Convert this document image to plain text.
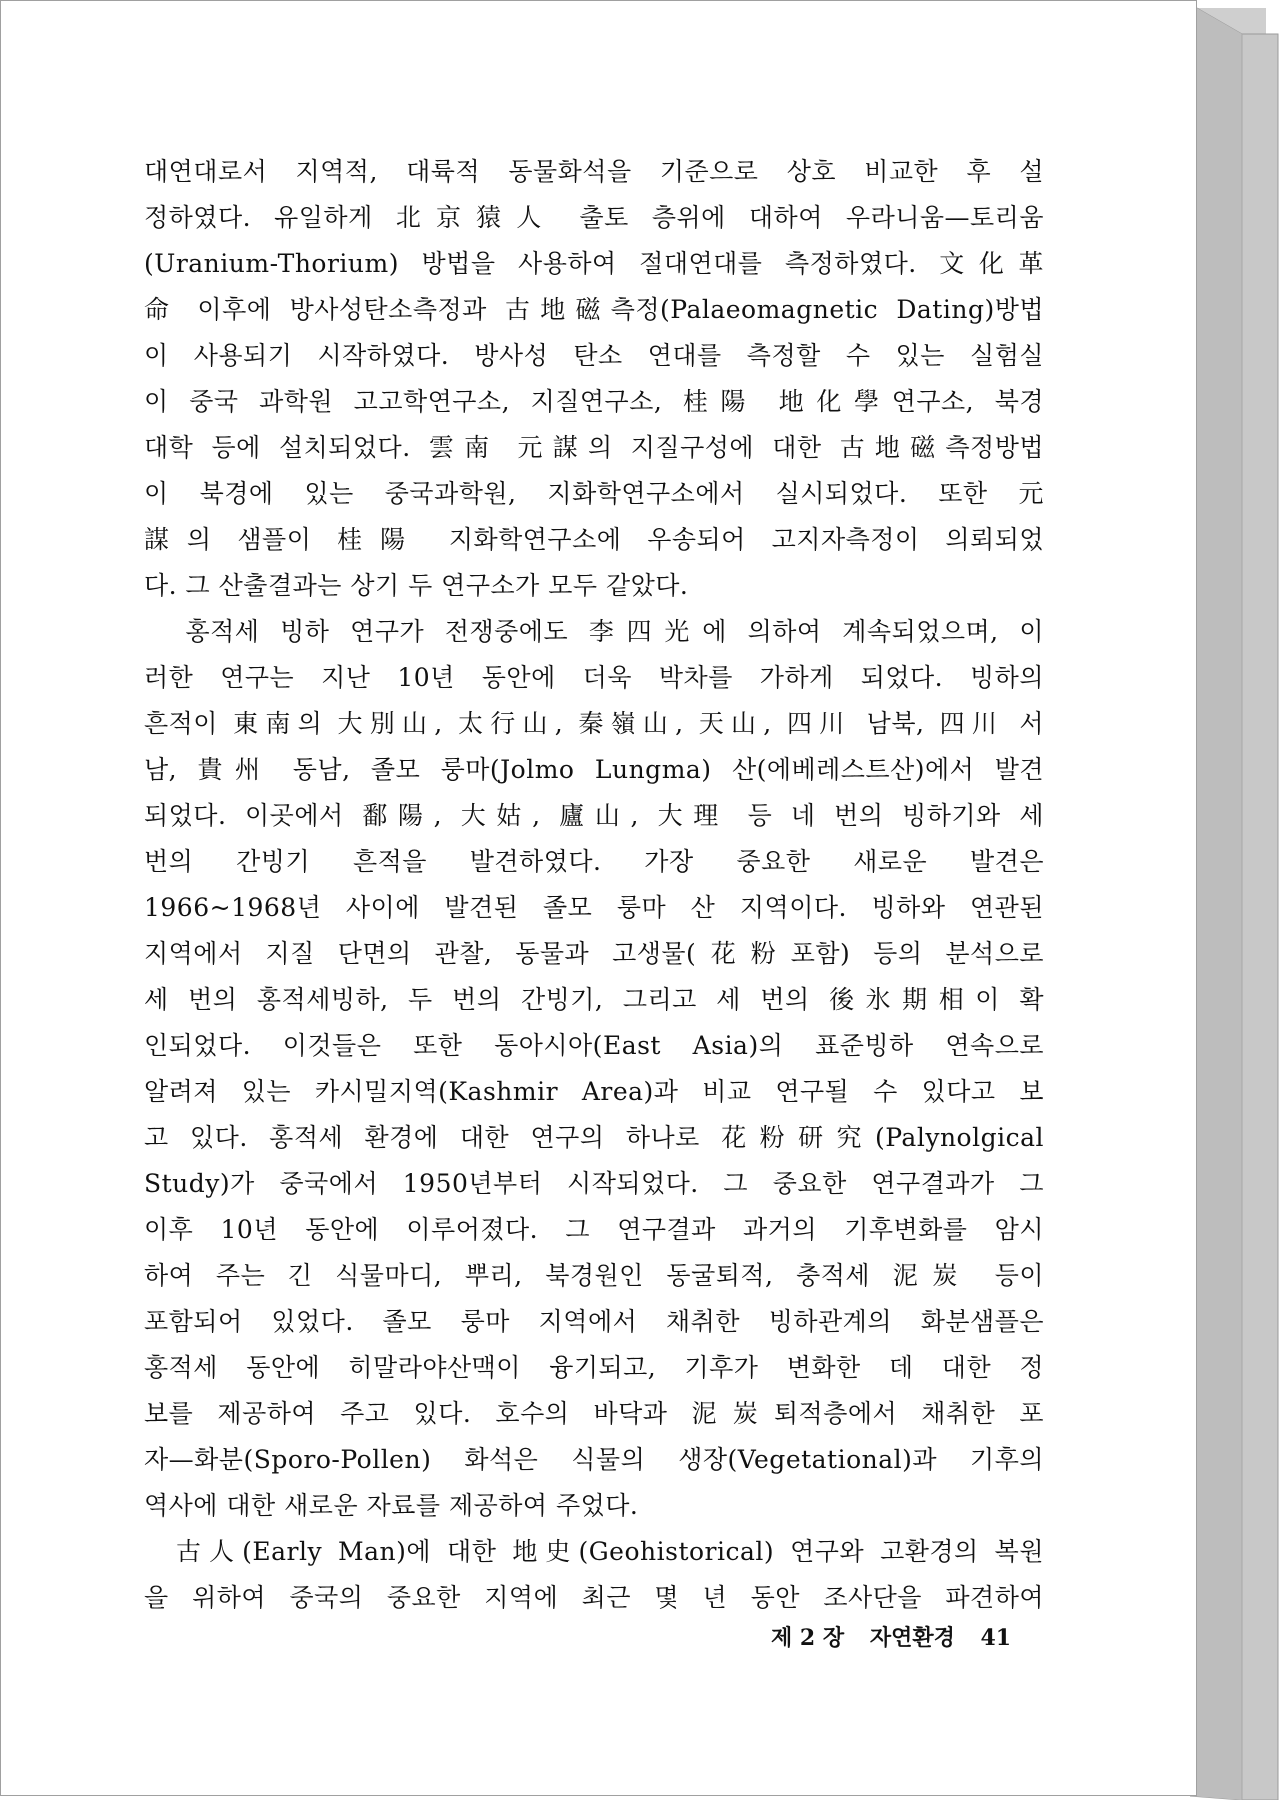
대연대로서 지역적, 대륙적 동물화석을 기준으로 상호 비교한 후 설
정하였다. 유일하게 北京猿人 출토 층위에 대하여 우라니움—토리움
(Uranium-Thorium) 방법을 사용하여 절대연대를 측정하였다. 文化革
命 이후에 방사성탄소측정과 古地磁측정(Palaeomagnetic Dating)방법
이 사용되기 시작하였다. 방사성 탄소 연대를 측정할 수 있는 실험실
이 중국 과학원 고고학연구소, 지질연구소, 桂陽 地化學연구소, 북경
대학 등에 설치되었다. 雲南 元謀의 지질구성에 대한 古地磁측정방법
이 북경에 있는 중국과학원, 지화학연구소에서 실시되었다. 또한 元
謀의 샘플이 桂陽 지화학연구소에 우송되어 고지자측정이 의뢰되었
다. 그 산출결과는 상기 두 연구소가 모두 같았다.
홍적세 빙하 연구가 전쟁중에도 李四光에 의하여 계속되었으며, 이
러한 연구는 지난 10년 동안에 더욱 박차를 가하게 되었다. 빙하의
흔적이 東南의 大別山, 太行山, 秦嶺山, 天山, 四川 남북, 四川 서
남, 貴州 동남, 졸모 룽마(Jolmo Lungma) 산(에베레스트산)에서 발견
되었다. 이곳에서 鄱陽, 大姑, 廬山, 大理 등 네 번의 빙하기와 세
번의 간빙기 흔적을 발견하였다. 가장 중요한 새로운 발견은
1966~1968년 사이에 발견된 졸모 룽마 산 지역이다. 빙하와 연관된
지역에서 지질 단면의 관찰, 동물과 고생물(花粉포함) 등의 분석으로
세 번의 홍적세빙하, 두 번의 간빙기, 그리고 세 번의 後氷期相이 확
인되었다. 이것들은 또한 동아시아(East Asia)의 표준빙하 연속으로
알려져 있는 카시밀지역(Kashmir Area)과 비교 연구될 수 있다고 보
고 있다. 홍적세 환경에 대한 연구의 하나로 花粉研究(Palynolgical
Study)가 중국에서 1950년부터 시작되었다. 그 중요한 연구결과가 그
이후 10년 동안에 이루어졌다. 그 연구결과 과거의 기후변화를 암시
하여 주는 긴 식물마디, 뿌리, 북경원인 동굴퇴적, 충적세 泥炭 등이
포함되어 있었다. 졸모 룽마 지역에서 채취한 빙하관계의 화분샘플은
홍적세 동안에 히말라야산맥이 융기되고, 기후가 변화한 데 대한 정
보를 제공하여 주고 있다. 호수의 바닥과 泥炭퇴적층에서 채취한 포
자—화분(Sporo-Pollen) 화석은 식물의 생장(Vegetational)과 기후의
역사에 대한 새로운 자료를 제공하여 주었다.
古人(Early Man)에 대한 地史(Geohistorical) 연구와 고환경의 복원
을 위하여 중국의 중요한 지역에 최근 몇 년 동안 조사단을 파견하여
제 2 장 자연환경 41
